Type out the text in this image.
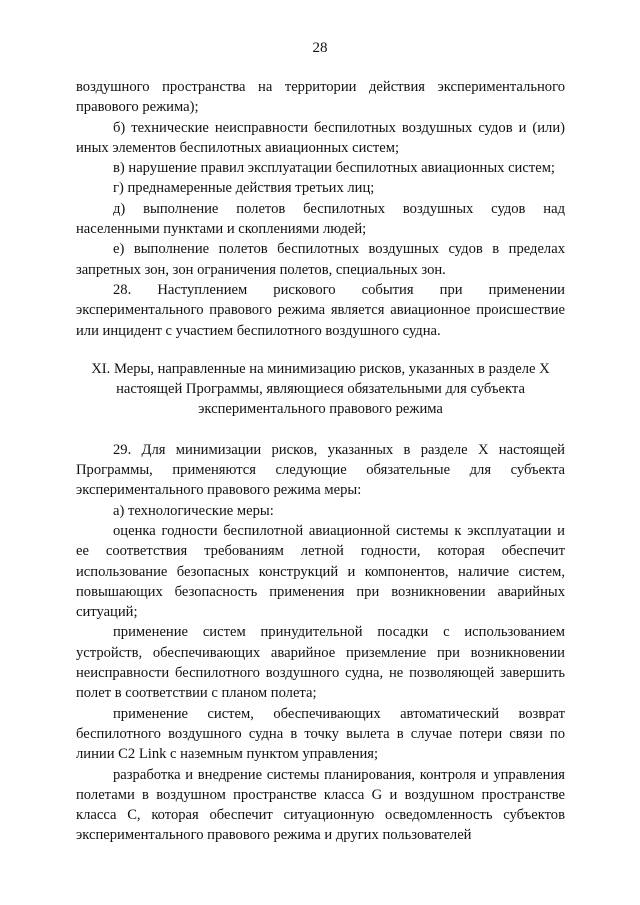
28

воздушного пространства на территории действия экспериментального правового режима);

б) технические неисправности беспилотных воздушных судов и (или) иных элементов беспилотных авиационных систем;

в) нарушение правил эксплуатации беспилотных авиационных систем;

г) преднамеренные действия третьих лиц;

д) выполнение полетов беспилотных воздушных судов над населенными пунктами и скоплениями людей;

е) выполнение полетов беспилотных воздушных судов в пределах запретных зон, зон ограничения полетов, специальных зон.

28. Наступлением рискового события при применении экспериментального правового режима является авиационное происшествие или инцидент с участием беспилотного воздушного судна.

XI. Меры, направленные на минимизацию рисков, указанных в разделе X
настоящей Программы, являющиеся обязательными для субъекта
экспериментального правового режима

29. Для минимизации рисков, указанных в разделе X настоящей Программы, применяются следующие обязательные для субъекта экспериментального правового режима меры:

а) технологические меры:

оценка годности беспилотной авиационной системы к эксплуатации и ее соответствия требованиям летной годности, которая обеспечит использование безопасных конструкций и компонентов, наличие систем, повышающих безопасность применения при возникновении аварийных ситуаций;

применение систем принудительной посадки с использованием устройств, обеспечивающих аварийное приземление при возникновении неисправности беспилотного воздушного судна, не позволяющей завершить полет в соответствии с планом полета;

применение систем, обеспечивающих автоматический возврат беспилотного воздушного судна в точку вылета в случае потери связи по линии C2 Link с наземным пунктом управления;

разработка и внедрение системы планирования, контроля и управления полетами в воздушном пространстве класса G и воздушном пространстве класса C, которая обеспечит ситуационную осведомленность субъектов экспериментального правового режима и других пользователей
